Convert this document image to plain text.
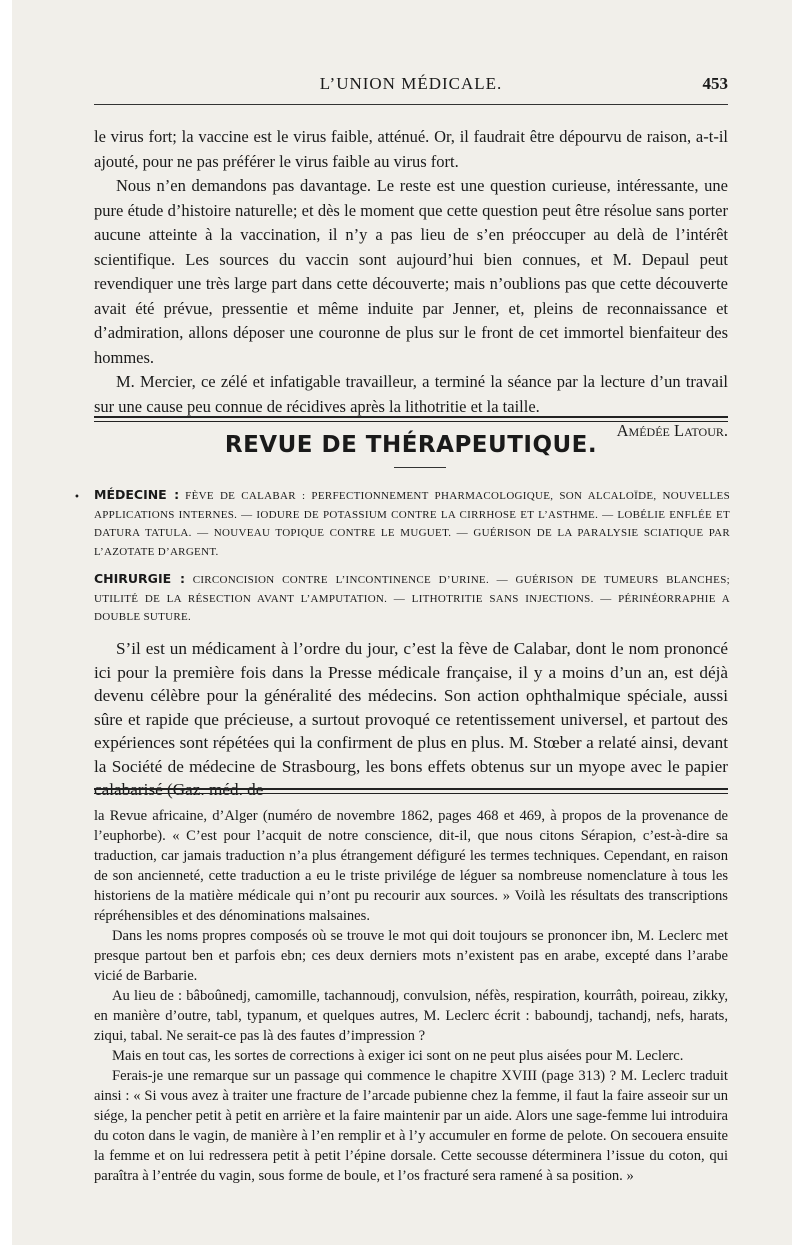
L’UNION MÉDICALE.	453

le virus fort; la vaccine est le virus faible, atténué. Or, il faudrait être dépourvu de raison, a-t-il ajouté, pour ne pas préférer le virus faible au virus fort.

Nous n’en demandons pas davantage. Le reste est une question curieuse, intéressante, une pure étude d’histoire naturelle; et dès le moment que cette question peut être résolue sans porter aucune atteinte à la vaccination, il n’y a pas lieu de s’en préoccuper au delà de l’intérêt scientifique. Les sources du vaccin sont aujourd’hui bien connues, et M. Depaul peut revendiquer une très large part dans cette découverte; mais n’oublions pas que cette découverte avait été prévue, pressentie et même induite par Jenner, et, pleins de reconnaissance et d’admiration, allons déposer une couronne de plus sur le front de cet immortel bienfaiteur des hommes.

M. Mercier, ce zélé et infatigable travailleur, a terminé la séance par la lecture d’un travail sur une cause peu connue de récidives après la lithotritie et la taille.

Amédée Latour.

REVUE DE THÉRAPEUTIQUE.
• MÉDECINE : FÈVE DE CALABAR : PERFECTIONNEMENT PHARMACOLOGIQUE, SON ALCALOÏDE, NOUVELLES APPLICATIONS INTERNES. — IODURE DE POTASSIUM CONTRE LA CIRRHOSE ET L’ASTHME. — LOBÉLIE ENFLÉE ET DATURA TATULA. — NOUVEAU TOPIQUE CONTRE LE MUGUET. — GUÉRISON DE LA PARALYSIE SCIATIQUE PAR L’AZOTATE D’ARGENT.

CHIRURGIE : CIRCONCISION CONTRE L’INCONTINENCE D’URINE. — GUÉRISON DE TUMEURS BLANCHES; UTILITÉ DE LA RÉSECTION AVANT L’AMPUTATION. — LITHOTRITIE SANS INJECTIONS. — PÉRINÉORRAPHIE A DOUBLE SUTURE.

S’il est un médicament à l’ordre du jour, c’est la fève de Calabar, dont le nom prononcé ici pour la première fois dans la Presse médicale française, il y a moins d’un an, est déjà devenu célèbre pour la généralité des médecins. Son action ophthalmique spéciale, aussi sûre et rapide que précieuse, a surtout provoqué ce retentissement universel, et partout des expériences sont répétées qui la confirment de plus en plus. M. Stœber a relaté ainsi, devant la Société de médecine de Strasbourg, les bons effets obtenus sur un myope avec le papier calabarisé (Gaz. méd. de

la Revue africaine, d’Alger (numéro de novembre 1862, pages 468 et 469, à propos de la provenance de l’euphorbe). « C’est pour l’acquit de notre conscience, dit-il, que nous citons Sérapion, c’est-à-dire sa traduction, car jamais traduction n’a plus étrangement défiguré les termes techniques. Cependant, en raison de son ancienneté, cette traduction a eu le triste privilége de léguer sa nombreuse nomenclature à tous les historiens de la matière médicale qui n’ont pu recourir aux sources. » Voilà les résultats des transcriptions répréhensibles et des dénominations malsaines.

Dans les noms propres composés où se trouve le mot qui doit toujours se prononcer ibn, M. Leclerc met presque partout ben et parfois ebn; ces deux derniers mots n’existent pas en arabe, excepté dans l’arabe vicié de Barbarie.

Au lieu de : bâboûnedj, camomille, tachannoudj, convulsion, néfès, respiration, kourrâth, poireau, zikky, en manière d’outre, tabl, typanum, et quelques autres, M. Leclerc écrit : baboundj, tachandj, nefs, harats, ziqui, tabal. Ne serait-ce pas là des fautes d’impression ?

Mais en tout cas, les sortes de corrections à exiger ici sont on ne peut plus aisées pour M. Leclerc.

Ferais-je une remarque sur un passage qui commence le chapitre XVIII (page 313) ? M. Leclerc traduit ainsi : « Si vous avez à traiter une fracture de l’arcade pubienne chez la femme, il faut la faire asseoir sur un siége, la pencher petit à petit en arrière et la faire maintenir par un aide. Alors une sage-femme lui introduira du coton dans le vagin, de manière à l’en remplir et à l’y accumuler en forme de pelote. On secouera ensuite la femme et on lui redressera petit à petit l’épine dorsale. Cette secousse déterminera l’issue du coton, qui paraîtra à l’entrée du vagin, sous forme de boule, et l’os fracturé sera ramené à sa position. »
